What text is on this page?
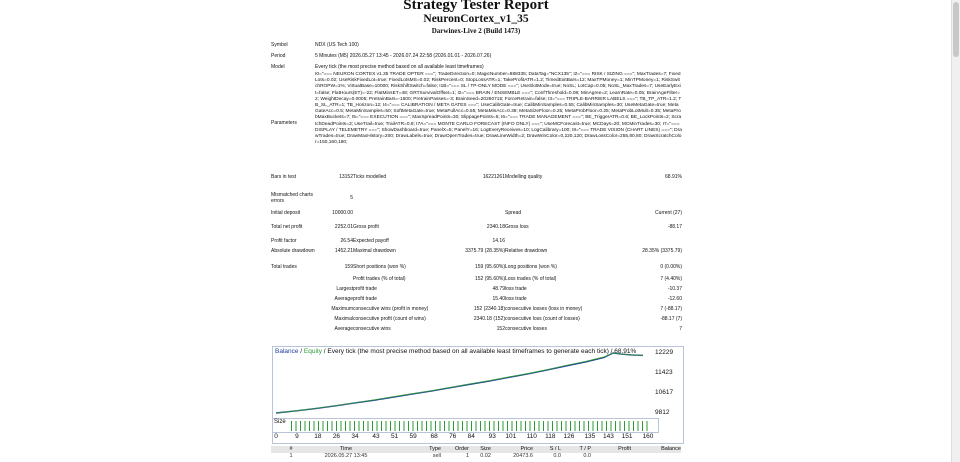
Strategy Tester Report
NeuronCortex_v1_35
Darwinex-Live 2 (Build 1473)
Symbol	NDX (US Tech 100)				
Period	5 Minutes (M5) 2026.05.27 13:45 - 2026.07.24 22:58 (2026.01.01 - 2026.07.26)				
Model	Every tick (the most precise method based on all available least timeframes)				
Parameters	I0="=== NEURON CORTEX v1.35 TRADE OPTER ==="; TradeDirection=0; MagicNumber=888335; DataTag="NCX135"; I2="=== RISK / SIZING ==="; MaxTrades=7; FixedLots=0.02; UseRiskFixedLot=true; FixedLotsMS=0.02; RiskPercent=0; StopLossATR=1; TakeProfitATR=1.2; TimedExitBars=12; MaxTPMoney=1; MinTPMoney=1; RiskSwitchROPW=1%; VirtualBase=10000; RiskShiftSwitch=false; I1B="=== SL / TP-ONLY MODE ==="; UseSlotMode=true; NoSL; LotCap=0.05; NoSL_MaxTrades=7; UseEarlyExit=false; FlatHours(ET)=-22; FlatMinsET=48; GRTSurvivalOffset=1; I2="=== BRAIN / ENSEMBLE ==="; ConfThreshold=0.08; MinAgree=2; LearnRate=0.05; BrainAgeFilter=2; WeightDecay=0.0005; PretrainBars=-1500; PretrainPasses=-3; BrainSeed=20260715; ForceRetrain=false; I3="=== TRIPLE-BARRIER LABELS ==="; TB_TP_ATR=1.2; TB_SL_ATR=1; TB_Horizon=12; I4="=== CALIBRATION / META GATES ==="; UseCalibGate=true; CalibMinSamples=0.55; CalibMinSamples=30; UseMetaGate=true; MetaGateAcc=0.5; MetaMinSamples=50; SoftMetaGate=true; MetaFullAcc=0.55; MetaMinAcc=0.38; MetaSizeFloor=0.25; MetaProbFloor=0.25; MetaProbLotMult=0.35; MetaProbMaxBuckets=7; I5="=== EXECUTION ==="; MaxSpreadPoints=30; SlippagePoints=5; I6="=== TRADE MANAGEMENT ==="; BE_TriggerATR=0.6; BE_LockPoints=2; ScratchDeadPoints=3; UseTrail=true; TrailATR=0.8; I7A="=== MONTE CARLO FORECAST (INFO ONLY) ==="; UseMCForecast=true; MCDays=20; MCMinTrades=30; I7="=== DISPLAY / TELEMETRY ==="; ShowDashboard=true; PanelX=5; PanelY=16; LogEveryReceives=10; LogCalibrary=100; I8="=== TRADE VISION (CHART LINES) ==="; DrawTrades=true; DrawMaxHistory=200; DrawLabels=true; DrawOpenTrades=true; DrawLineWidth=2; DrawWinColor=0,220,120; DrawLossColor=255,80,80; DrawScratchColor=150,160,180;				
Bars in test	13152	Ticks modelled	16221261	Modelling quality	68.91%
Mismatched charts errors	5				
Initial deposit	10000.00			Spread	Current (27)
Total net profit	2252.01	Gross profit	2340.18	Gross loss	-88.17
Profit factor	26.54	Expected payoff	14.16		
Absolute drawdown	1452.21	Maximal drawdown	3375.79 (28.35%)	Relative drawdown	28.35% (3375.79)
Total trades	159	Short positions (won %)	159 (95.60%)	Long positions (won %)	0 (0.00%)
		Profit trades (% of total)	152 (95.60%)	Loss trades (% of total)	7 (4.40%)
	Largest	profit trade	48.79	loss trade	-10.37
	Average	profit trade	15.40	loss trade	-12.60
	Maximum	consecutive wins (profit in money)	152 (2340.18)	consecutive losses (loss in money)	7 (-88.17)
	Maximal	consecutive profit (count of wins)	2340.18 (152)	consecutive loss (count of losses)	-88.17 (7)
	Average	consecutive wins	152	consecutive losses	7
Balance / Equity / Every tick (the most precise method based on all available least timeframes to generate each tick) / 68.91%	12229
11423
10617
9812
Size
0	9 18 26 34 43 51 59 68 76 84 93 101 110 118 126 135 143 151 160
#	Time	Type	Order	Size	Price	S / L	T / P	Profit	Balance
1	2026.05.27 13:45	sell	1	0.02	20473.6	0.0	0.0
